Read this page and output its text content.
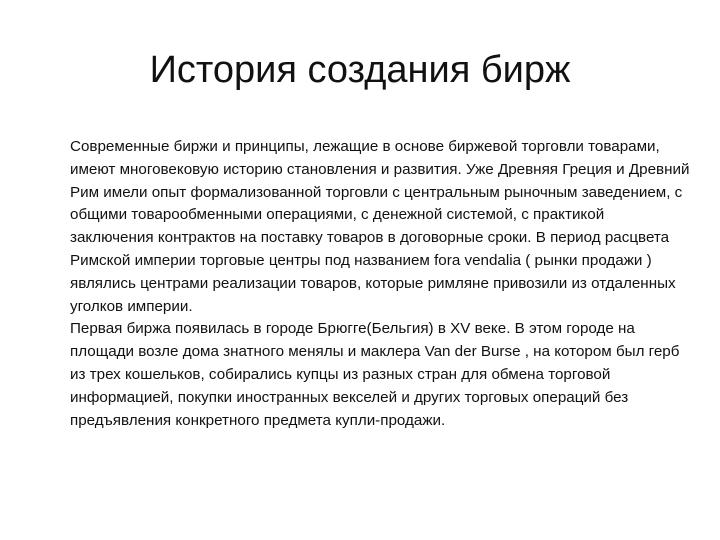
История создания бирж

Современные биржи и принципы, лежащие в основе биржевой торговли товарами, имеют многовековую историю становления и развития. Уже Древняя Греция и Древний Рим имели опыт формализованной торговли с центральным рыночным заведением, с общими товарообменными операциями, с денежной системой, с практикой заключения контрактов на поставку товаров в договорные сроки. В период расцвета Римской империи торговые центры под названием fora vendalia ( рынки продажи ) являлись центрами реализации товаров, которые римляне привозили из отдаленных уголков империи.

Первая биржа появилась в городе Брюгге(Бельгия) в XV веке. В этом городе на площади возле дома знатного менялы и маклера Van der Burse , на котором был герб из трех кошельков, собирались купцы из разных стран для обмена торговой информацией, покупки иностранных векселей и других торговых операций без предъявления конкретного предмета купли-продажи.
